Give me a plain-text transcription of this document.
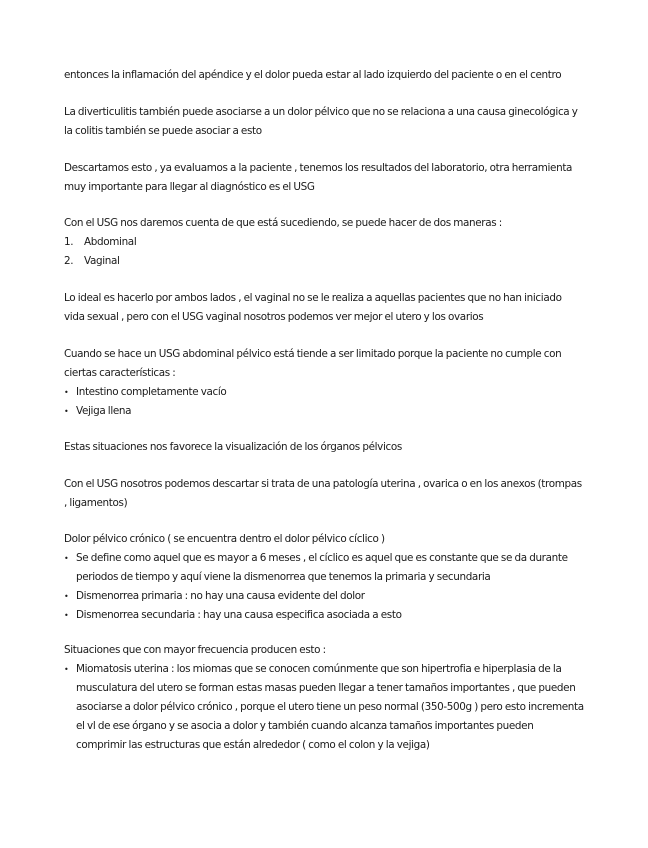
entonces la inflamación del apéndice y el dolor pueda estar al lado izquierdo del paciente o en el centro

La diverticulitis también puede asociarse a un dolor pélvico que no se relaciona a una causa ginecológica y la colitis también se puede asociar a esto

Descartamos esto , ya evaluamos a la paciente , tenemos los resultados del laboratorio, otra herramienta muy importante para llegar al diagnóstico es el USG

Con el USG nos daremos cuenta de que está sucediendo, se puede hacer de dos maneras :
1. Abdominal
2. Vaginal

Lo ideal es hacerlo por ambos lados , el vaginal no se le realiza a aquellas pacientes que no han iniciado vida sexual , pero con el USG vaginal nosotros podemos ver mejor el utero y los ovarios

Cuando se hace un USG abdominal pélvico está tiende a ser limitado porque la paciente no cumple con ciertas características :
• Intestino completamente vacío
• Vejiga llena

Estas situaciones nos favorece la visualización de los órganos pélvicos

Con el USG nosotros podemos descartar si trata de una patología uterina , ovarica o en los anexos (trompas , ligamentos)

Dolor pélvico crónico ( se encuentra dentro el dolor pélvico cíclico )
• Se define como aquel que es mayor a 6 meses , el cíclico es aquel que es constante que se da durante periodos de tiempo y aquí viene la dismenorrea que tenemos la primaria y secundaria
• Dismenorrea primaria : no hay una causa evidente del dolor
• Dismenorrea secundaria : hay una causa especifica asociada a esto
Situaciones que con mayor frecuencia producen esto :
• Miomatosis uterina : los miomas que se conocen comúnmente que son hipertrofia e hiperplasia de la musculatura del utero se forman estas masas pueden llegar a tener tamaños importantes , que pueden asociarse a dolor pélvico crónico , porque el utero tiene un peso normal (350-500g ) pero esto incrementa el vl de ese órgano y se asocia a dolor y también cuando alcanza tamaños importantes pueden comprimir las estructuras que están alrededor ( como el colon y la vejiga)
